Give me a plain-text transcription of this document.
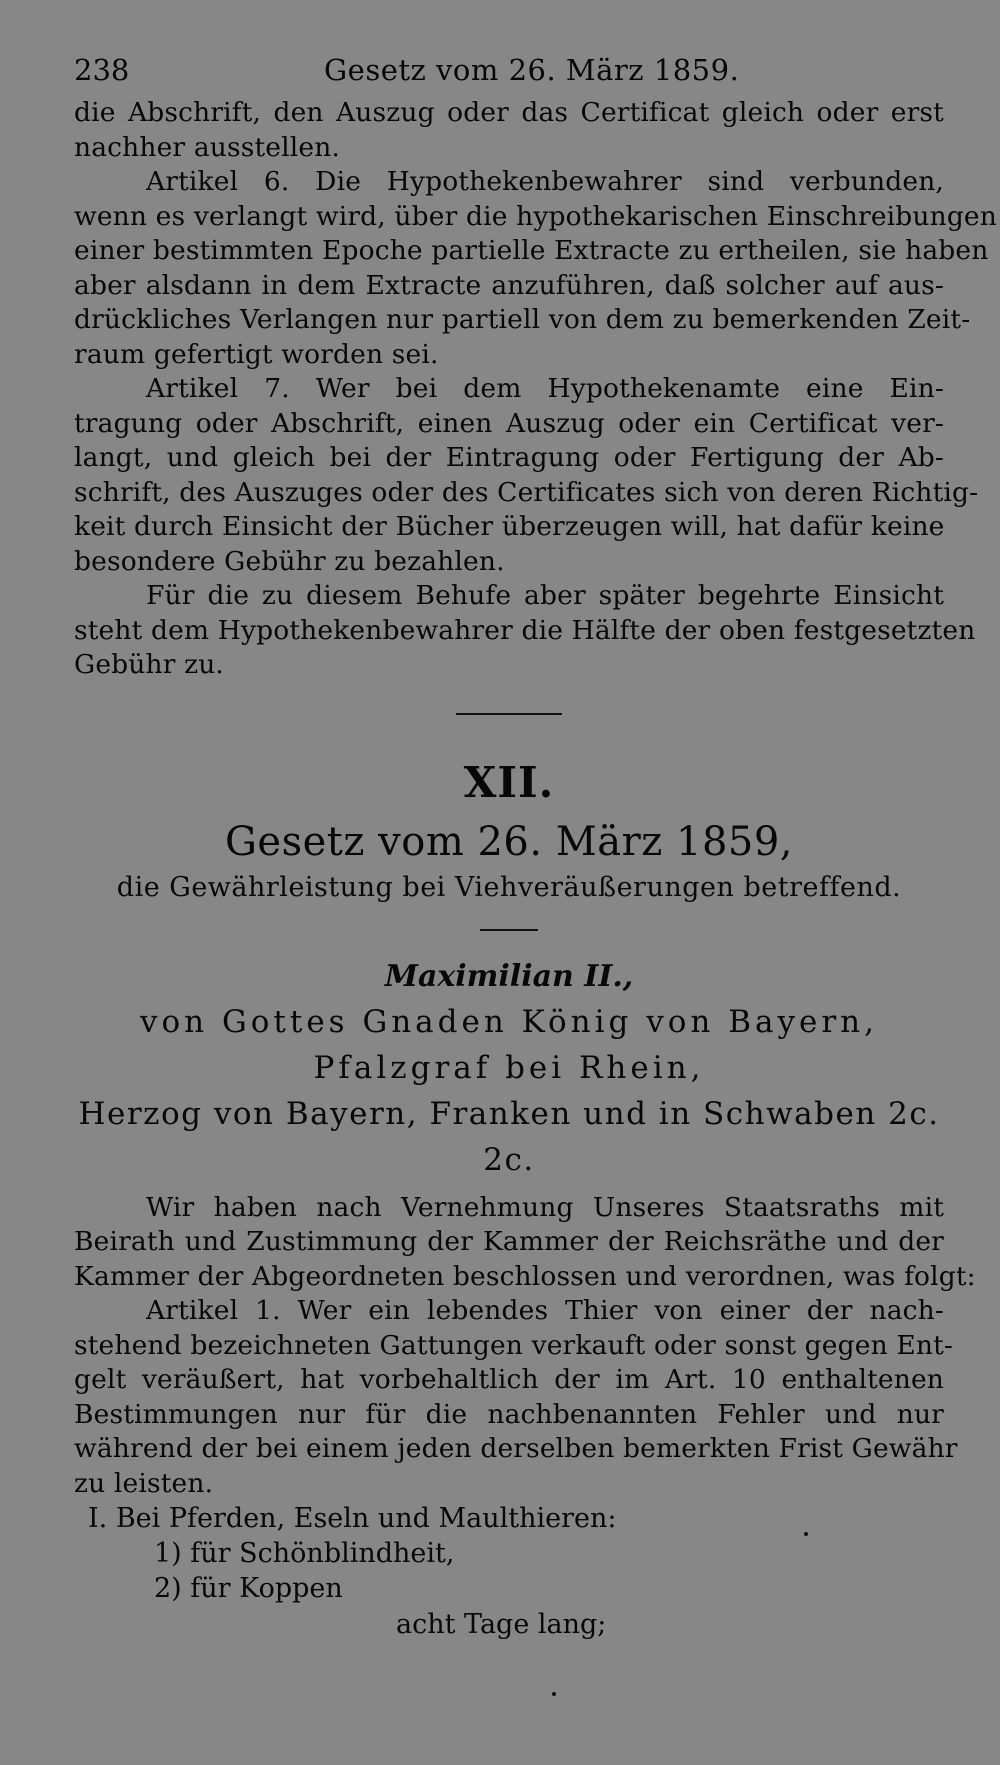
238	Gesetz vom 26. März 1859.
die Abschrift, den Auszug oder das Certificat gleich oder erst
nachher ausstellen.
Artikel 6. Die Hypothekenbewahrer sind verbunden,
wenn es verlangt wird, über die hypothekarischen Einschreibungen
einer bestimmten Epoche partielle Extracte zu ertheilen, sie haben
aber alsdann in dem Extracte anzuführen, daß solcher auf aus-
drückliches Verlangen nur partiell von dem zu bemerkenden Zeit-
raum gefertigt worden sei.
Artikel 7. Wer bei dem Hypothekenamte eine Ein-
tragung oder Abschrift, einen Auszug oder ein Certificat ver-
langt, und gleich bei der Eintragung oder Fertigung der Ab-
schrift, des Auszuges oder des Certificates sich von deren Richtig-
keit durch Einsicht der Bücher überzeugen will, hat dafür keine
besondere Gebühr zu bezahlen.
Für die zu diesem Behufe aber später begehrte Einsicht
steht dem Hypothekenbewahrer die Hälfte der oben festgesetzten
Gebühr zu.
XII.
Gesetz vom 26. März 1859,
die Gewährleistung bei Viehveräußerungen betreffend.
Maximilian II.,
von Gottes Gnaden König von Bayern,
Pfalzgraf bei Rhein,
Herzog von Bayern, Franken und in Schwaben 2c. 2c.
Wir haben nach Vernehmung Unseres Staatsraths mit
Beirath und Zustimmung der Kammer der Reichsräthe und der
Kammer der Abgeordneten beschlossen und verordnen, was folgt:
Artikel 1. Wer ein lebendes Thier von einer der nach-
stehend bezeichneten Gattungen verkauft oder sonst gegen Ent-
gelt veräußert, hat vorbehaltlich der im Art. 10 enthaltenen
Bestimmungen nur für die nachbenannten Fehler und nur
während der bei einem jeden derselben bemerkten Frist Gewähr
zu leisten.
I. Bei Pferden, Eseln und Maulthieren:
1) für Schönblindheit,
2) für Koppen
acht Tage lang;
